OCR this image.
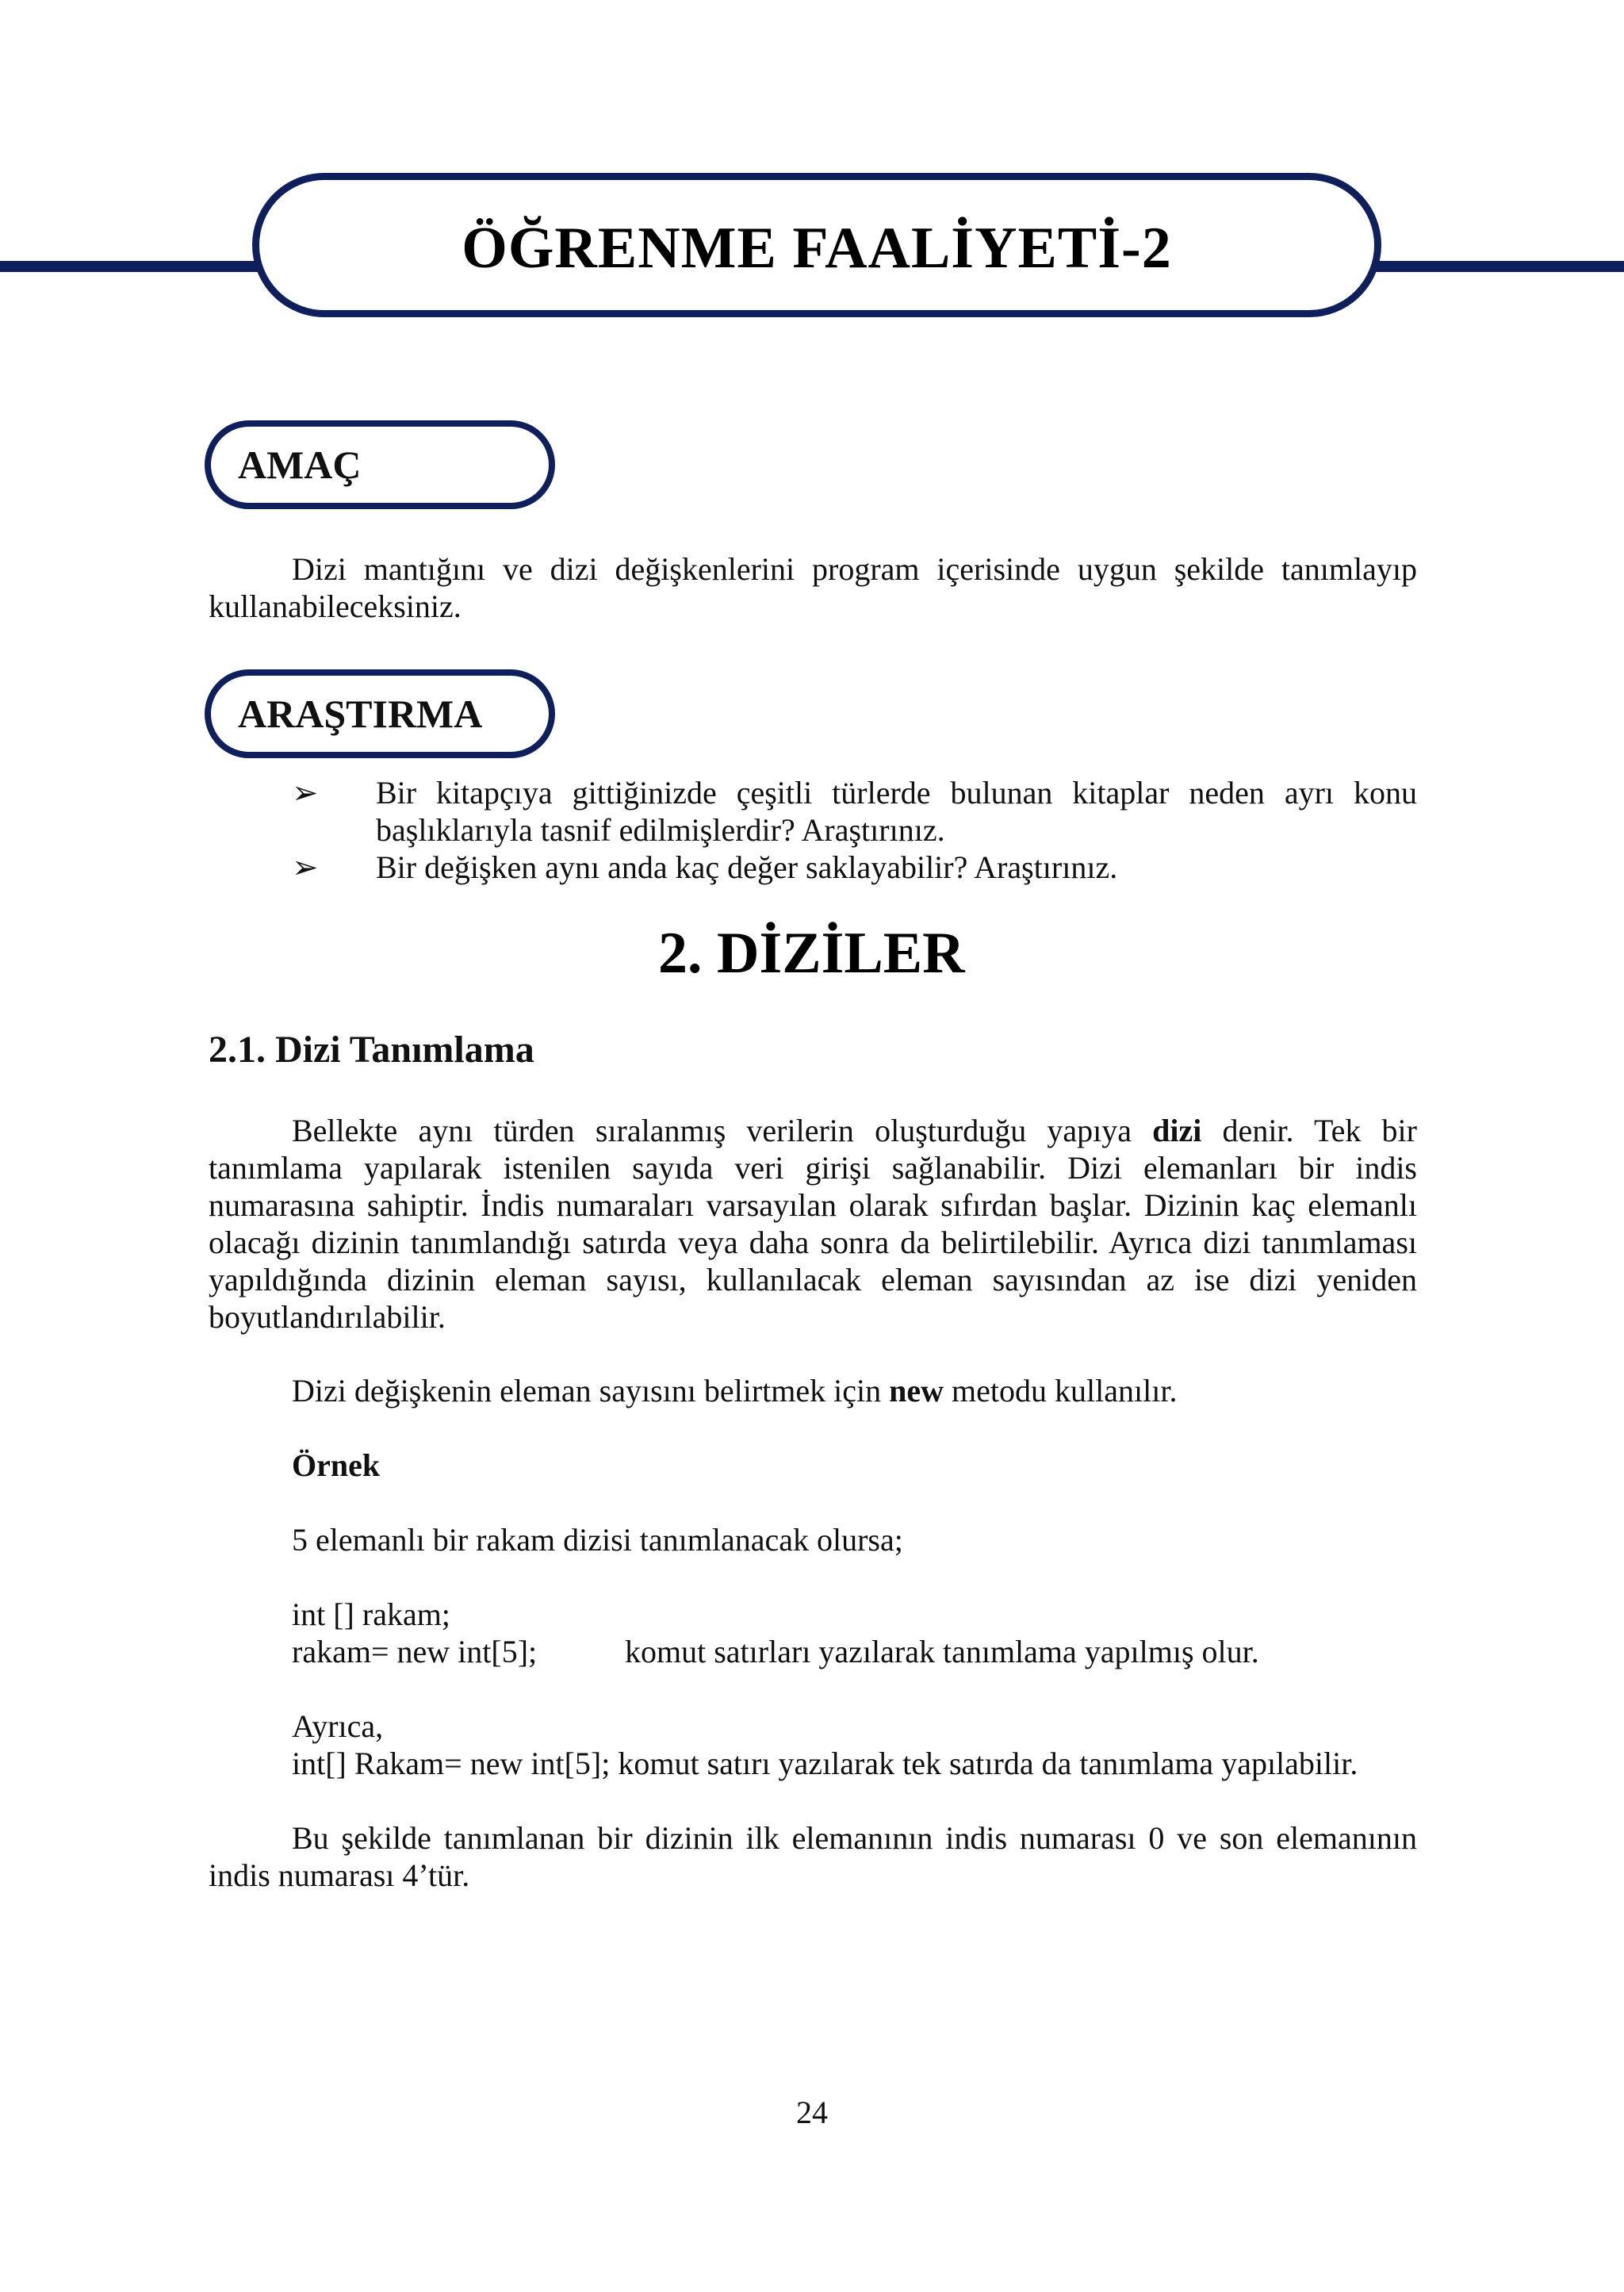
ÖĞRENME FAALİYETİ-2
AMAÇ

Dizi mantığını ve dizi değişkenlerini program içerisinde uygun şekilde tanımlayıp kullanabileceksiniz.

ARAŞTIRMA
➢ Bir kitapçıya gittiğinizde çeşitli türlerde bulunan kitaplar neden ayrı konu başlıklarıyla tasnif edilmişlerdir? Araştırınız.

➢ Bir değişken aynı anda kaç değer saklayabilir? Araştırınız.

2. DİZİLER
2.1. Dizi Tanımlama

Bellekte aynı türden sıralanmış verilerin oluşturduğu yapıya dizi denir. Tek bir tanımlama yapılarak istenilen sayıda veri girişi sağlanabilir. Dizi elemanları bir indis numarasına sahiptir. İndis numaraları varsayılan olarak sıfırdan başlar. Dizinin kaç elemanlı olacağı dizinin tanımlandığı satırda veya daha sonra da belirtilebilir. Ayrıca dizi tanımlaması yapıldığında dizinin eleman sayısı, kullanılacak eleman sayısından az ise dizi yeniden boyutlandırılabilir.

Dizi değişkenin eleman sayısını belirtmek için new metodu kullanılır.

Örnek

5 elemanlı bir rakam dizisi tanımlanacak olursa;

int [] rakam;

rakam= new int[5];	komut satırları yazılarak tanımlama yapılmış olur.

Ayrıca,

int[] Rakam= new int[5]; komut satırı yazılarak tek satırda da tanımlama yapılabilir.

Bu şekilde tanımlanan bir dizinin ilk elemanının indis numarası 0 ve son elemanının indis numarası 4’tür.

24
